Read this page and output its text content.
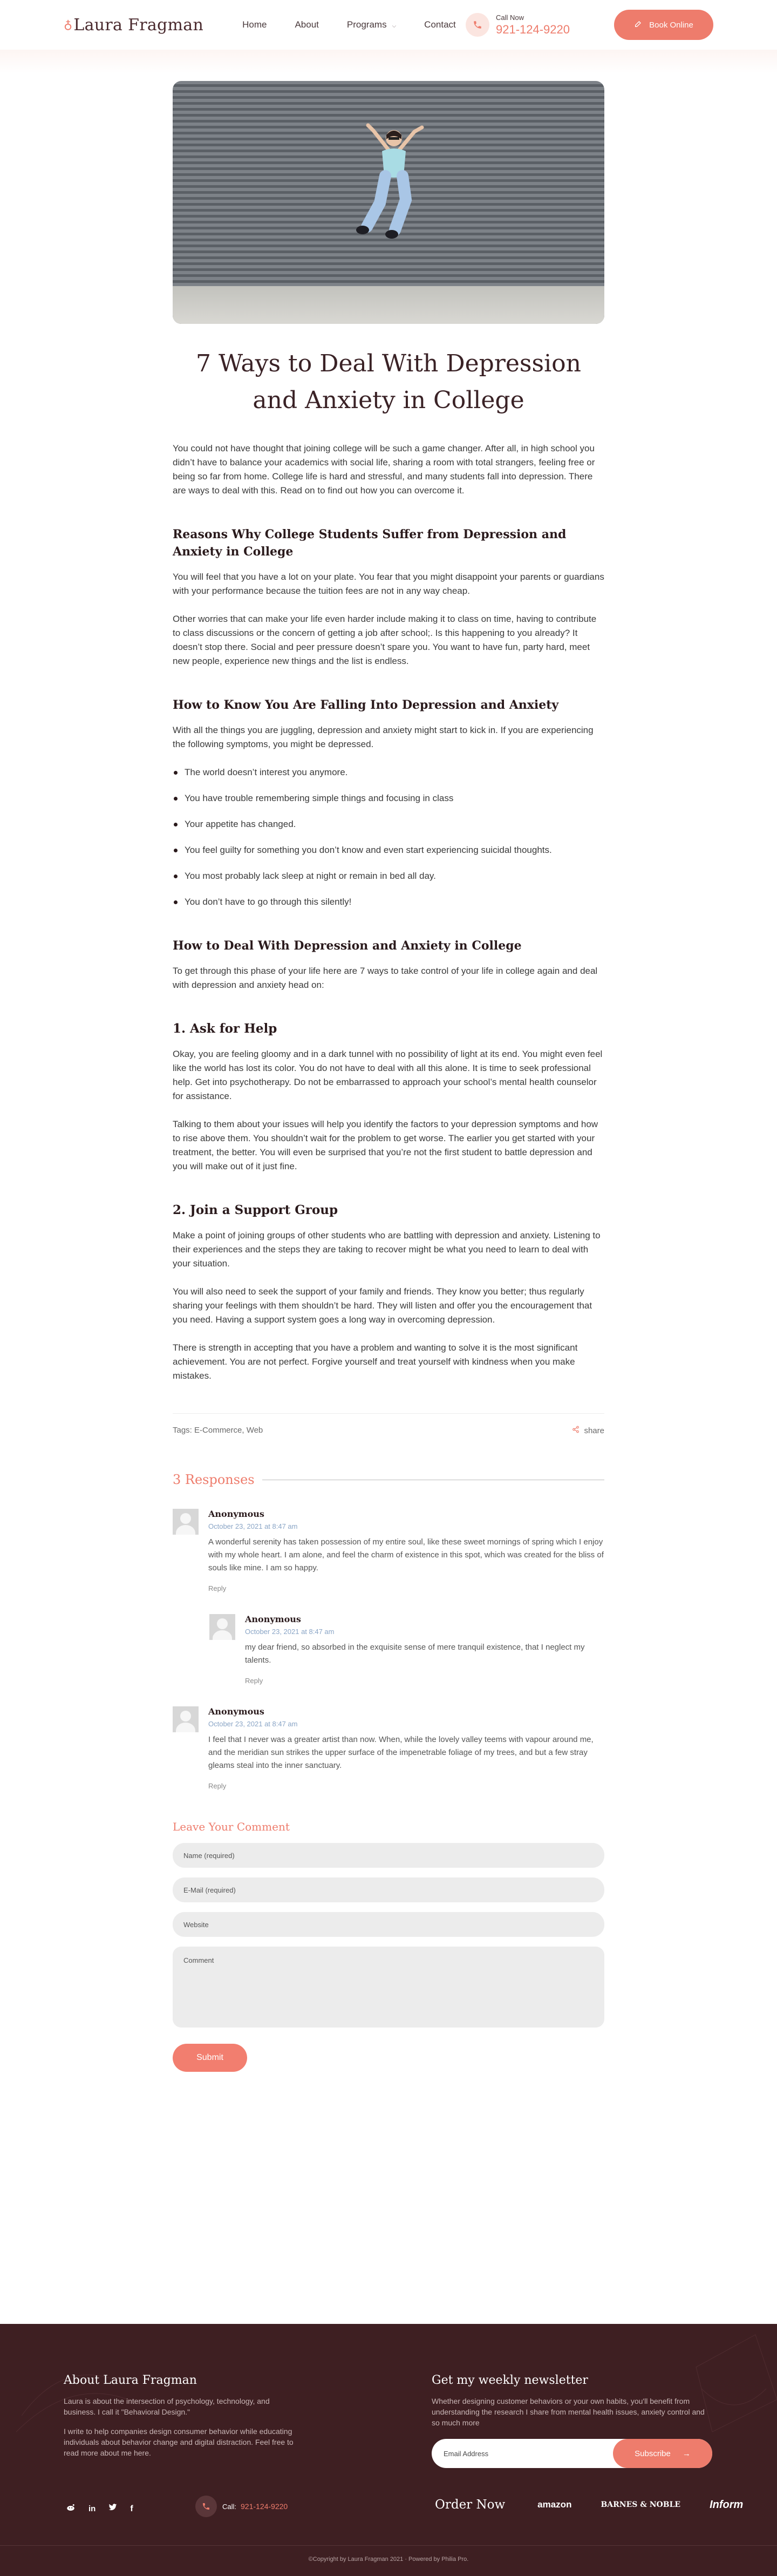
♁ Laura Fragman	Home	About	Programs ⌵	Contact
Call Now
921-124-9220	Book Online
7 Ways to Deal With Depression
and Anxiety in College

You could not have thought that joining college will be such a game changer. After all, in high school you didn’t have to balance your academics with social life, sharing a room with total strangers, feeling free or being so far from home. College life is hard and stressful, and many students fall into depression. There are ways to deal with this. Read on to find out how you can overcome it.

Reasons Why College Students Suffer from Depression and Anxiety in College

You will feel that you have a lot on your plate. You fear that you might disappoint your parents or guardians with your performance because the tuition fees are not in any way cheap.

Other worries that can make your life even harder include making it to class on time, having to contribute to class discussions or the concern of getting a job after school;. Is this happening to you already? It doesn’t stop there. Social and peer pressure doesn’t spare you. You want to have fun, party hard, meet new people, experience new things and the list is endless.

How to Know You Are Falling Into Depression and Anxiety

With all the things you are juggling, depression and anxiety might start to kick in. If you are experiencing the following symptoms, you might be depressed.

The world doesn’t interest you anymore.
You have trouble remembering simple things and focusing in class
Your appetite has changed.
You feel guilty for something you don’t know and even start experiencing suicidal thoughts.
You most probably lack sleep at night or remain in bed all day.
You don’t have to go through this silently!
How to Deal With Depression and Anxiety in College

To get through this phase of your life here are 7 ways to take control of your life in college again and deal with depression and anxiety head on:

1. Ask for Help

Okay, you are feeling gloomy and in a dark tunnel with no possibility of light at its end. You might even feel like the world has lost its color. You do not have to deal with all this alone. It is time to seek professional help. Get into psychotherapy. Do not be embarrassed to approach your school’s mental health counselor for assistance.

Talking to them about your issues will help you identify the factors to your depression symptoms and how to rise above them. You shouldn’t wait for the problem to get worse. The earlier you get started with your treatment, the better. You will even be surprised that you’re not the first student to battle depression and you will make out of it just fine.

2. Join a Support Group

Make a point of joining groups of other students who are battling with depression and anxiety. Listening to their experiences and the steps they are taking to recover might be what you need to learn to deal with your situation.

You will also need to seek the support of your family and friends. They know you better; thus regularly sharing your feelings with them shouldn’t be hard. They will listen and offer you the encouragement that you need. Having a support system goes a long way in overcoming depression.

There is strength in accepting that you have a problem and wanting to solve it is the most significant achievement. You are not perfect. Forgive yourself and treat yourself with kindness when you make mistakes.

Tags: E-Commerce, Web	share
3 Responses
Anonymous
October 23, 2021 at 8:47 am
A wonderful serenity has taken possession of my entire soul, like these sweet mornings of spring which I enjoy with my whole heart. I am alone, and feel the charm of existence in this spot, which was created for the bliss of souls like mine. I am so happy.
Reply
Anonymous
October 23, 2021 at 8:47 am
my dear friend, so absorbed in the exquisite sense of mere tranquil existence, that I neglect my talents.
Reply
Anonymous
October 23, 2021 at 8:47 am
I feel that I never was a greater artist than now. When, while the lovely valley teems with vapour around me, and the meridian sun strikes the upper surface of the impenetrable foliage of my trees, and but a few stray gleams steal into the inner sanctuary.
Reply
Leave Your Comment
Name (required)
E-Mail (required)
Website
Comment
Submit
About Laura Fragman
Laura is about the intersection of psychology, technology, and business. I call it "Behavioral Design."
I write to help companies design consumer behavior while educating individuals about behavior change and digital distraction. Feel free to read more about me here.
Get my weekly newsletter
Whether designing customer behaviors or your own habits, you'll benefit from understanding the research I share from mental health issues, anxiety control and so much more
Email Address	Subscribe →
in	f	Call: 921-124-9220	Order Now	amazon	BARNES & NOBLE	Inform
©Copyright by Laura Fragman 2021 · Powered by Philia Pro.
